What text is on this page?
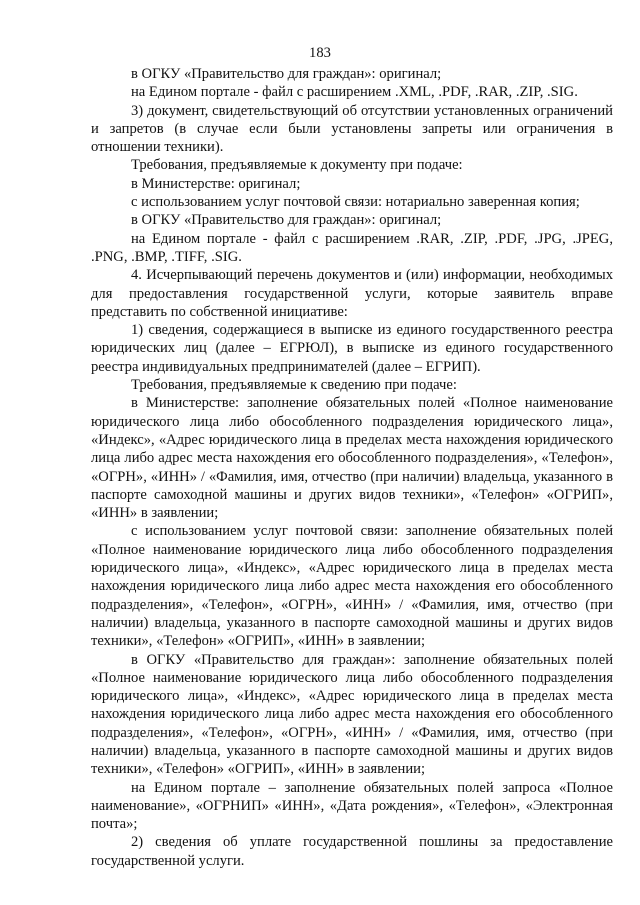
183

в ОГКУ «Правительство для граждан»: оригинал;

на Едином портале - файл с расширением .XML, .PDF, .RAR, .ZIP, .SIG.

3) документ, свидетельствующий об отсутствии установленных ограничений и запретов (в случае если были установлены запреты или ограничения в отношении техники).

Требования, предъявляемые к документу при подаче:

в Министерстве: оригинал;

с использованием услуг почтовой связи: нотариально заверенная копия;

в ОГКУ «Правительство для граждан»: оригинал;

на Едином портале - файл с расширением .RAR, .ZIP, .PDF, .JPG, .JPEG, .PNG, .BMP, .TIFF, .SIG.

4. Исчерпывающий перечень документов и (или) информации, необходимых для предоставления государственной услуги, которые заявитель вправе представить по собственной инициативе:

1) сведения, содержащиеся в выписке из единого государственного реестра юридических лиц (далее – ЕГРЮЛ), в выписке из единого государственного реестра индивидуальных предпринимателей (далее – ЕГРИП).

Требования, предъявляемые к сведению при подаче:

в Министерстве: заполнение обязательных полей «Полное наименование юридического лица либо обособленного подразделения юридического лица», «Индекс», «Адрес юридического лица в пределах места нахождения юридического лица либо адрес места нахождения его обособленного подразделения», «Телефон», «ОГРН», «ИНН» / «Фамилия, имя, отчество (при наличии) владельца, указанного в паспорте самоходной машины и других видов техники», «Телефон» «ОГРИП», «ИНН» в заявлении;

с использованием услуг почтовой связи: заполнение обязательных полей «Полное наименование юридического лица либо обособленного подразделения юридического лица», «Индекс», «Адрес юридического лица в пределах места нахождения юридического лица либо адрес места нахождения его обособленного подразделения», «Телефон», «ОГРН», «ИНН» / «Фамилия, имя, отчество (при наличии) владельца, указанного в паспорте самоходной машины и других видов техники», «Телефон» «ОГРИП», «ИНН» в заявлении;

в ОГКУ «Правительство для граждан»: заполнение обязательных полей «Полное наименование юридического лица либо обособленного подразделения юридического лица», «Индекс», «Адрес юридического лица в пределах места нахождения юридического лица либо адрес места нахождения его обособленного подразделения», «Телефон», «ОГРН», «ИНН» / «Фамилия, имя, отчество (при наличии) владельца, указанного в паспорте самоходной машины и других видов техники», «Телефон» «ОГРИП», «ИНН» в заявлении;

на Едином портале – заполнение обязательных полей запроса «Полное наименование», «ОГРНИП» «ИНН», «Дата рождения», «Телефон», «Электронная почта»;

2) сведения об уплате государственной пошлины за предоставление государственной услуги.
